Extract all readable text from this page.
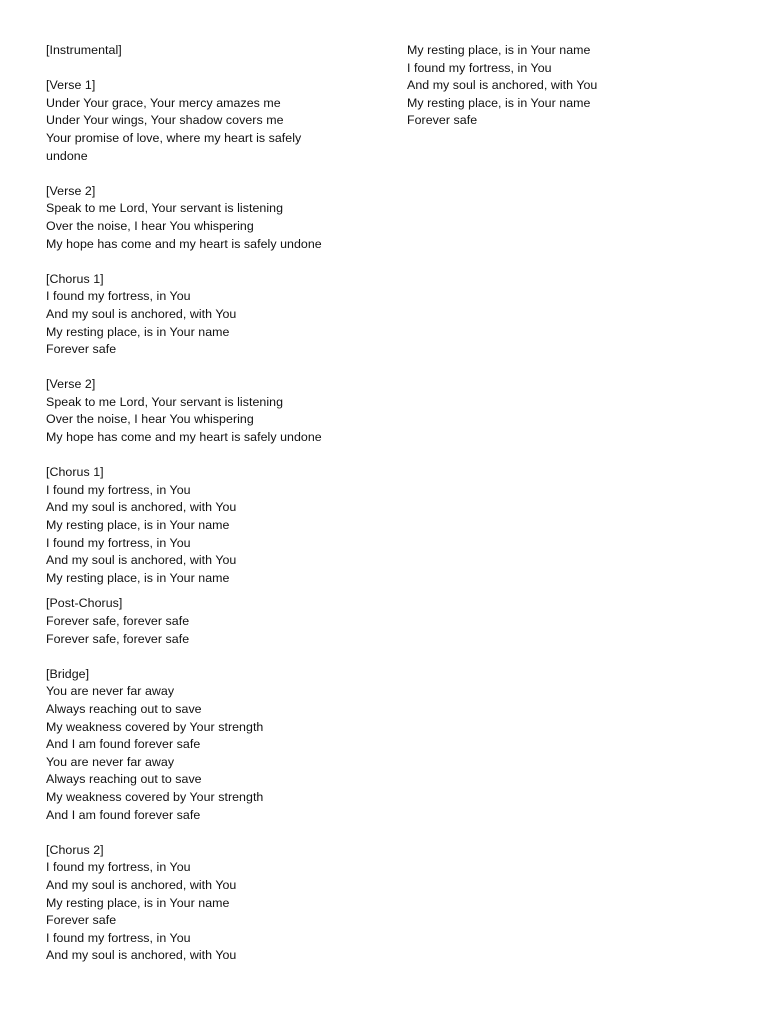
[Instrumental]
[Verse 1]
Under Your grace, Your mercy amazes me
Under Your wings, Your shadow covers me
Your promise of love, where my heart is safely undone
[Verse 2]
Speak to me Lord, Your servant is listening
Over the noise, I hear You whispering
My hope has come and my heart is safely undone
[Chorus 1]
I found my fortress, in You
And my soul is anchored, with You
My resting place, is in Your name
Forever safe
[Verse 2]
Speak to me Lord, Your servant is listening
Over the noise, I hear You whispering
My hope has come and my heart is safely undone
[Chorus 1]
I found my fortress, in You
And my soul is anchored, with You
My resting place, is in Your name
I found my fortress, in You
And my soul is anchored, with You
My resting place, is in Your name
[Post-Chorus]
Forever safe, forever safe
Forever safe, forever safe
[Bridge]
You are never far away
Always reaching out to save
My weakness covered by Your strength
And I am found forever safe
You are never far away
Always reaching out to save
My weakness covered by Your strength
And I am found forever safe
[Chorus 2]
I found my fortress, in You
And my soul is anchored, with You
My resting place, is in Your name
Forever safe
I found my fortress, in You
And my soul is anchored, with You
My resting place, is in Your name
I found my fortress, in You
And my soul is anchored, with You
My resting place, is in Your name
Forever safe
